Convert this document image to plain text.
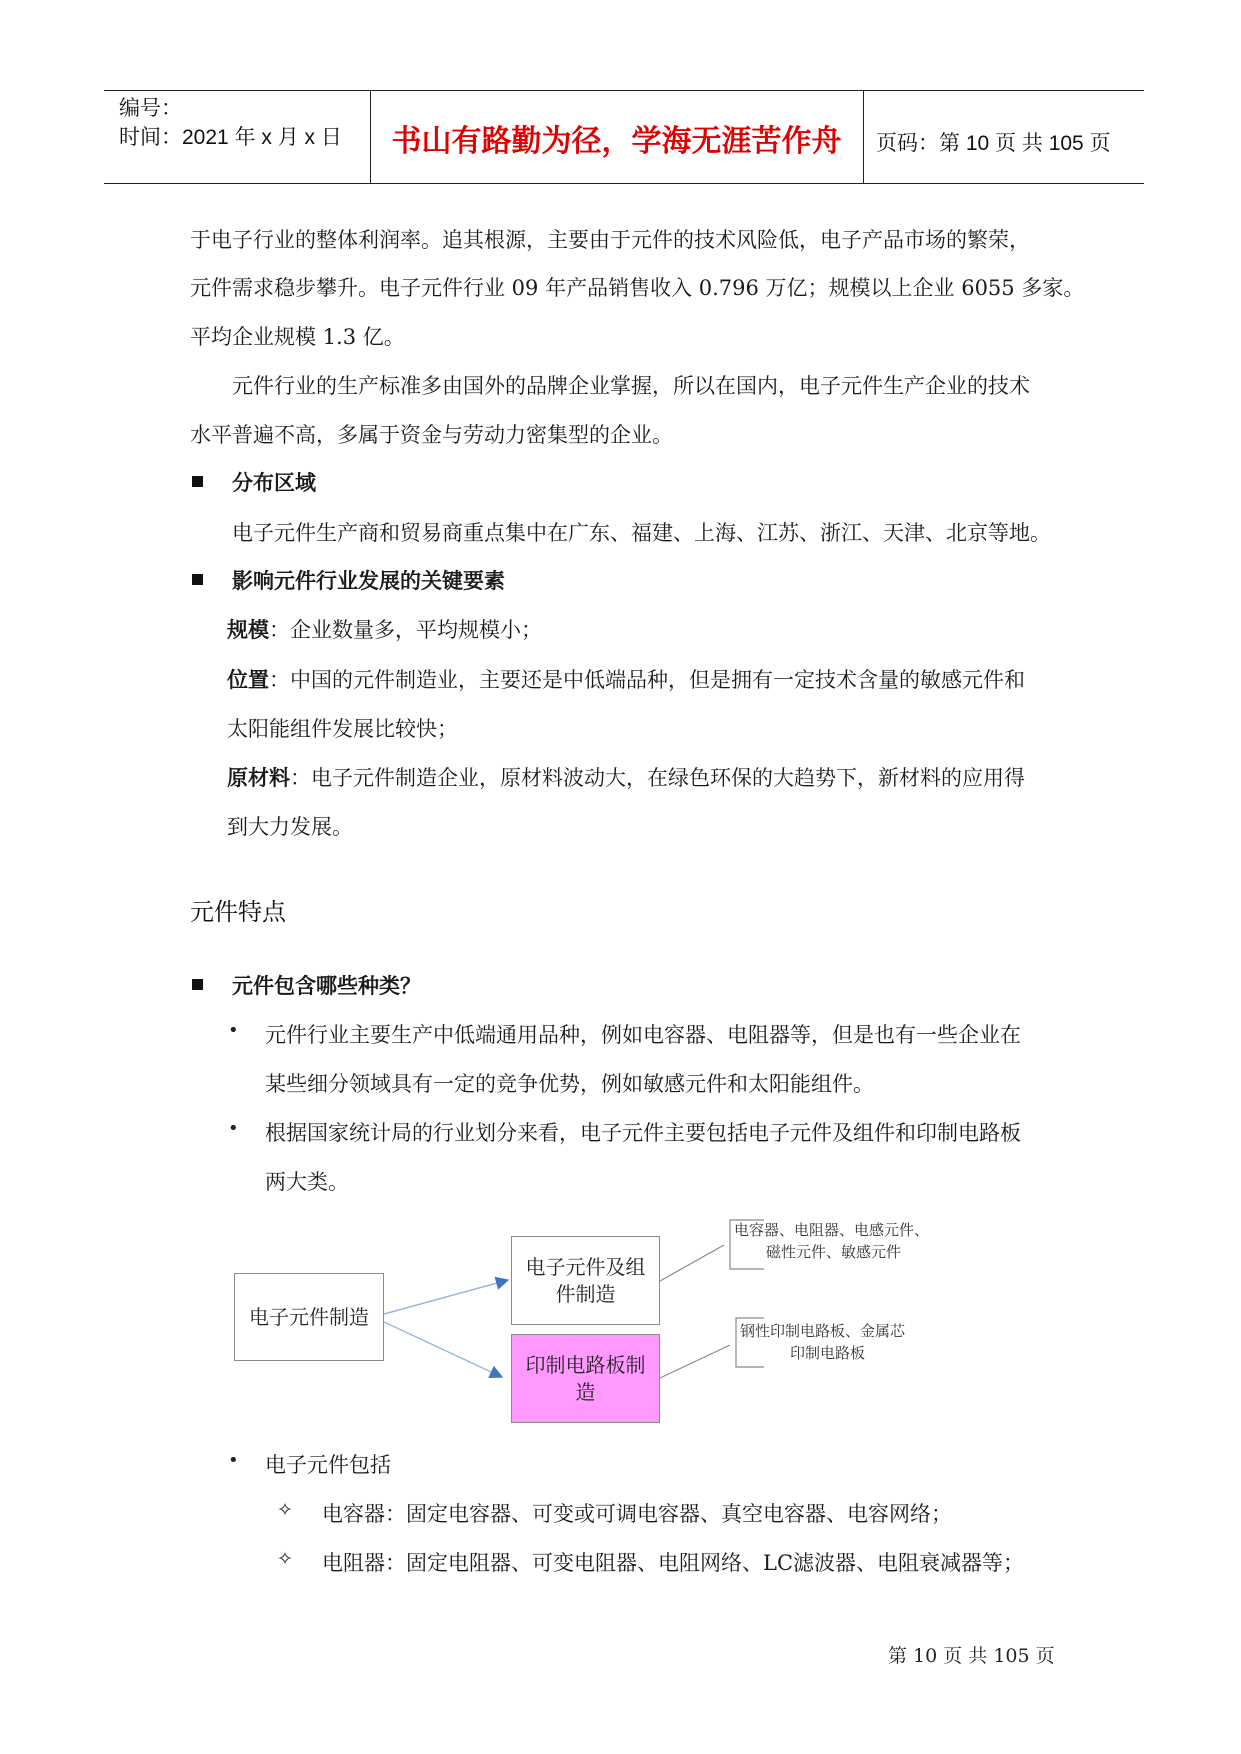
编号：
时间：2021 年 x 月 x 日	书山有路勤为径，学海无涯苦作舟	页码：第 10 页 共 105 页
于电子行业的整体利润率。追其根源，主要由于元件的技术风险低，电子产品市场的繁荣，
元件需求稳步攀升。电子元件行业 09 年产品销售收入 0.796 万亿；规模以上企业 6055 多家。
平均企业规模 1.3 亿。
元件行业的生产标准多由国外的品牌企业掌握，所以在国内，电子元件生产企业的技术
水平普遍不高，多属于资金与劳动力密集型的企业。
分布区域
电子元件生产商和贸易商重点集中在广东、福建、上海、江苏、浙江、天津、北京等地。
影响元件行业发展的关键要素
规模：企业数量多，平均规模小；
位置：中国的元件制造业，主要还是中低端品种，但是拥有一定技术含量的敏感元件和
太阳能组件发展比较快；
原材料：电子元件制造企业，原材料波动大，在绿色环保的大趋势下，新材料的应用得
到大力发展。
元件特点
元件包含哪些种类？
• 元件行业主要生产中低端通用品种，例如电容器、电阻器等，但是也有一些企业在
某些细分领域具有一定的竞争优势，例如敏感元件和太阳能组件。
• 根据国家统计局的行业划分来看，电子元件主要包括电子元件及组件和印制电路板
两大类。
电子元件制造
电子元件及组件制造
印制电路板制造
电容器、电阻器、电感元件、
磁性元件、敏感元件
钢性印制电路板、金属芯
印制电路板
• 电子元件包括
✧ 电容器：固定电容器、可变或可调电容器、真空电容器、电容网络；
✧ 电阻器：固定电阻器、可变电阻器、电阻网络、LC滤波器、电阻衰减器等；
第 10 页 共 105 页
